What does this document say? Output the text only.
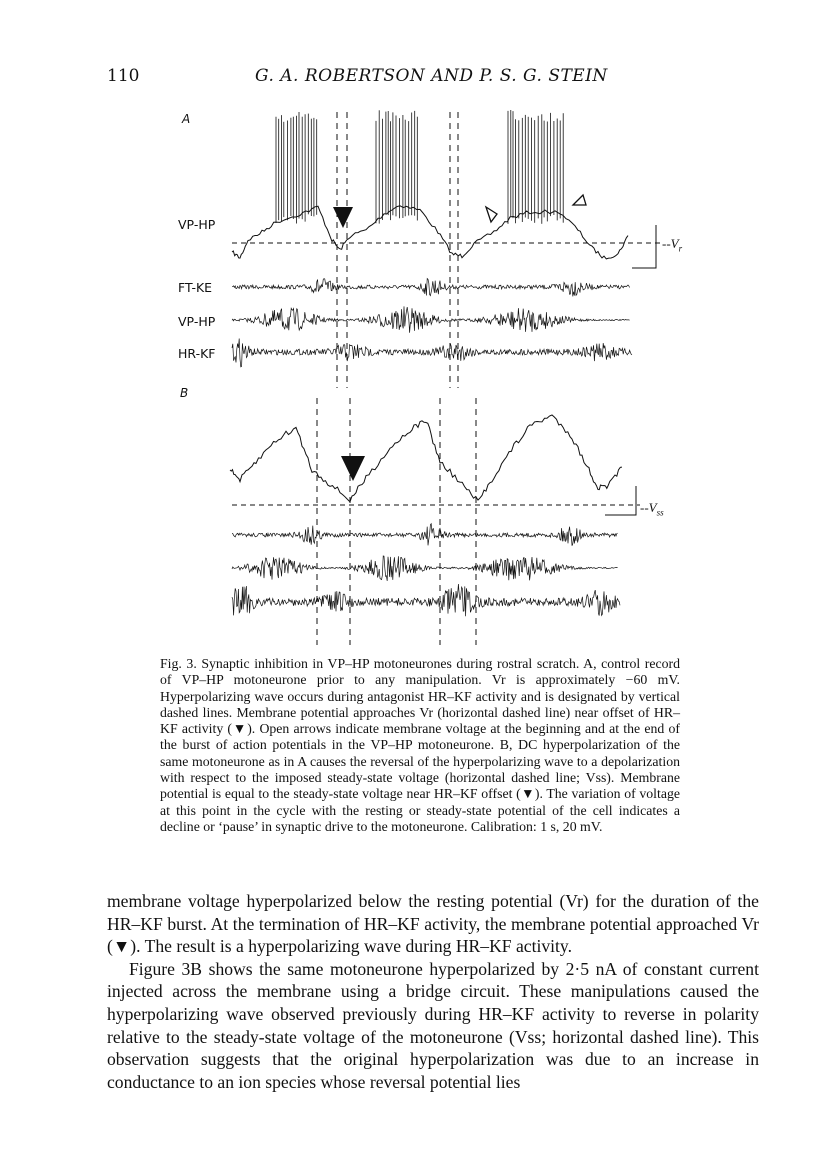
110	G. A. ROBERTSON AND P. S. G. STEIN
A
B
VP-HP
FT-KE
VP-HP
HR-KF
$--V_r$
$--V_{ss}$
Fig. 3. Synaptic inhibition in VP–HP motoneurones during rostral scratch. A, control record of VP–HP motoneurone prior to any manipulation. Vr is approximately −60 mV. Hyperpolarizing wave occurs during antagonist HR–KF activity and is designated by vertical dashed lines. Membrane potential approaches Vr (horizontal dashed line) near offset of HR–KF activity (▼). Open arrows indicate membrane voltage at the beginning and at the end of the burst of action potentials in the VP–HP motoneurone. B, DC hyperpolarization of the same motoneurone as in A causes the reversal of the hyperpolarizing wave to a depolarization with respect to the imposed steady-state voltage (horizontal dashed line; Vss). Membrane potential is equal to the steady-state voltage near HR–KF offset (▼). The variation of voltage at this point in the cycle with the resting or steady-state potential of the cell indicates a decline or ‘pause’ in synaptic drive to the motoneurone. Calibration: 1 s, 20 mV.

membrane voltage hyperpolarized below the resting potential (Vr) for the duration of the HR–KF burst. At the termination of HR–KF activity, the membrane potential approached Vr (▼). The result is a hyperpolarizing wave during HR–KF activity.

Figure 3B shows the same motoneurone hyperpolarized by 2·5 nA of constant current injected across the membrane using a bridge circuit. These manipulations caused the hyperpolarizing wave observed previously during HR–KF activity to reverse in polarity relative to the steady-state voltage of the motoneurone (Vss; horizontal dashed line). This observation suggests that the original hyperpolarization was due to an increase in conductance to an ion species whose reversal potential lies
